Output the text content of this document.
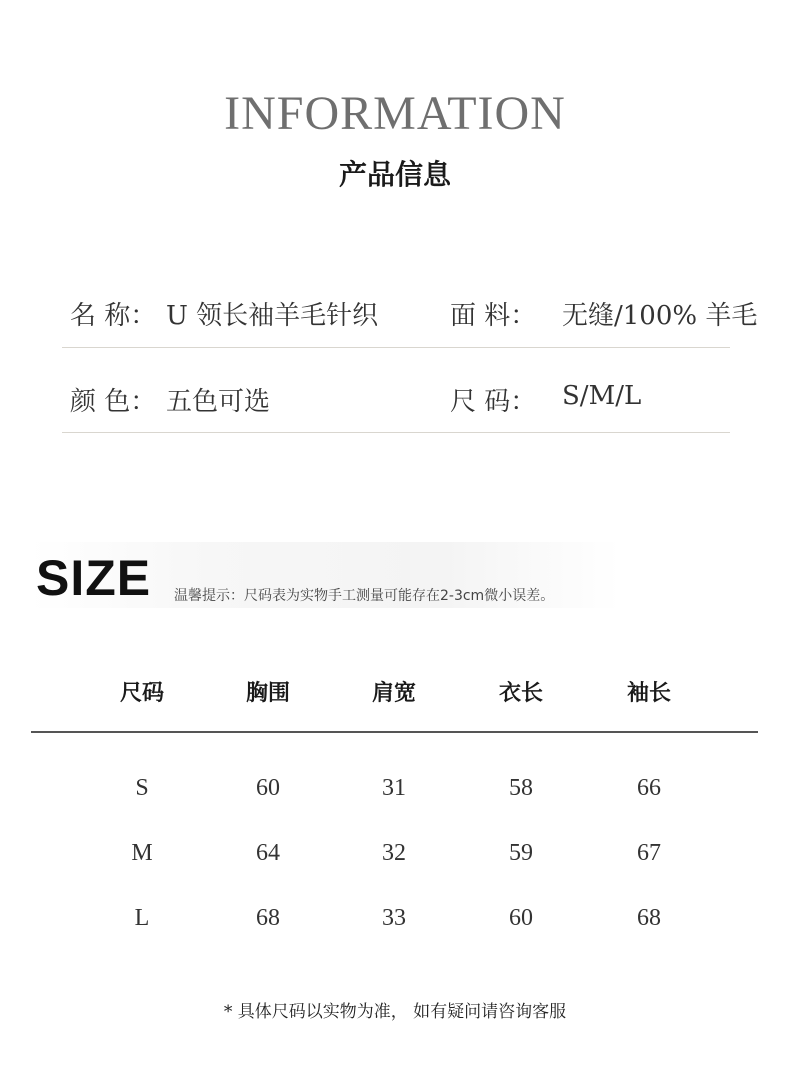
INFORMATION
产品信息
名 称： U 领长袖羊毛针织	面 料： 无缝/100% 羊毛
颜 色： 五色可选	尺 码： S/M/L
SIZE 温馨提示：尺码表为实物手工测量可能存在2-3cm微小误差。
尺码	胸围	肩宽	衣长	袖长
S	60	31	58	66
M	64	32	59	67
L	68	33	60	68
* 具体尺码以实物为准， 如有疑问请咨询客服
